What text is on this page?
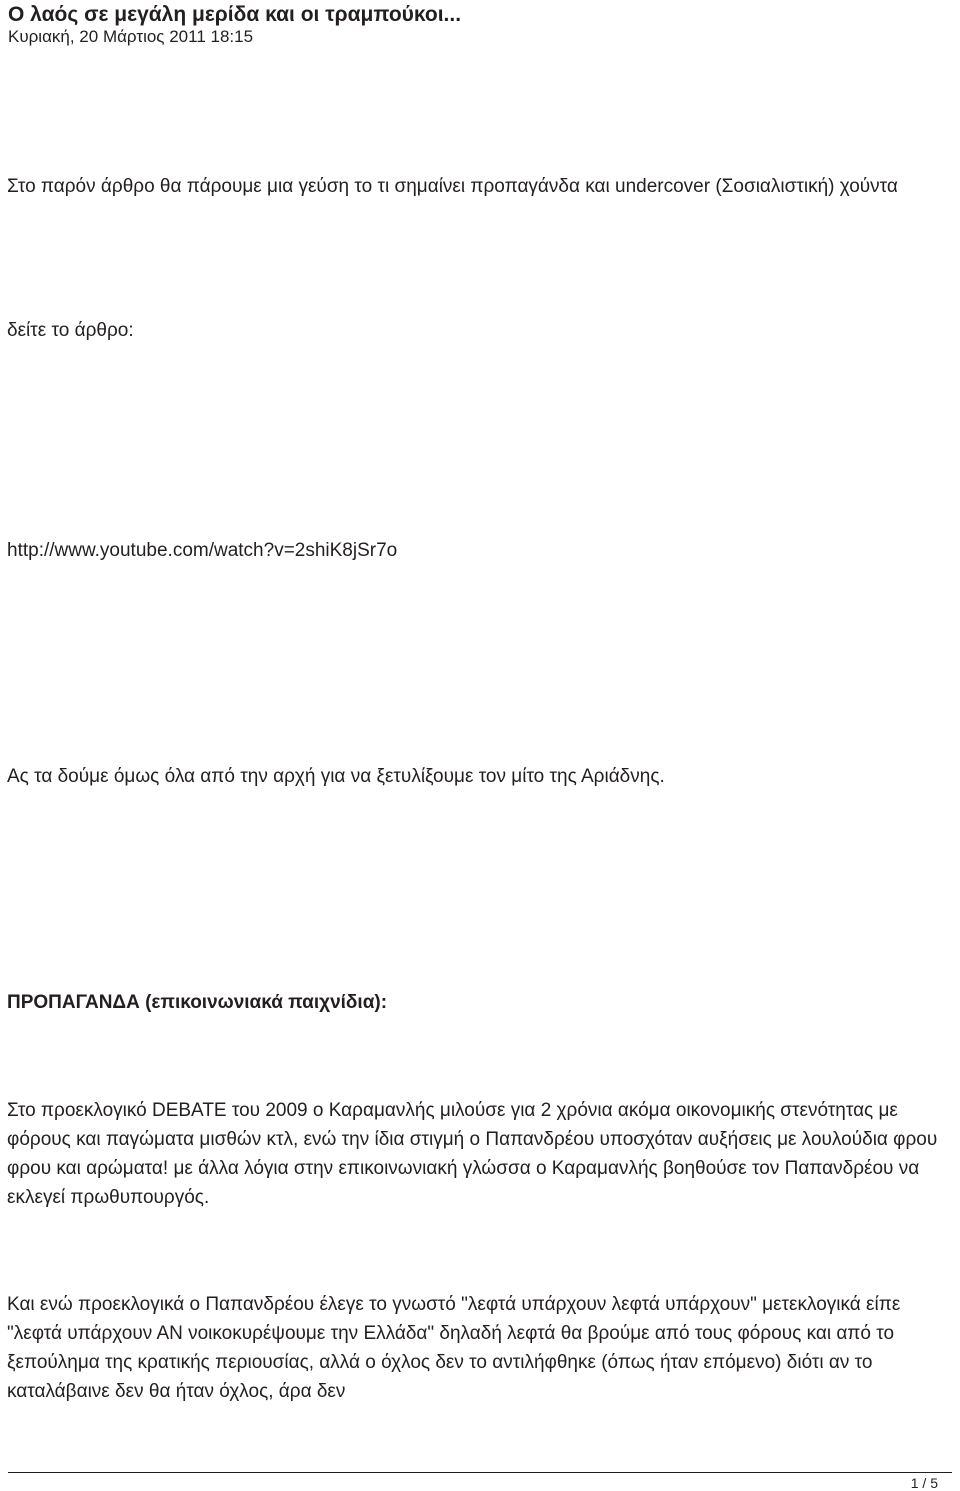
Ο λαός σε μεγάλη μερίδα και οι τραμπούκοι...
Κυριακή, 20 Μάρτιος 2011 18:15

Στο παρόν άρθρο θα πάρουμε μια γεύση το τι σημαίνει προπαγάνδα και undercover (Σοσιαλιστική) χούντα

δείτε το άρθρο:

http://www.youtube.com/watch?v=2shiK8jSr7o

Ας τα δούμε όμως όλα από την αρχή για να ξετυλίξουμε τον μίτο της Αριάδνης.

ΠΡΟΠΑΓΑΝΔΑ (επικοινωνιακά παιχνίδια):

Στο προεκλογικό DEBATE του 2009 ο Καραμανλής μιλούσε για 2 χρόνια ακόμα οικονομικής στενότητας με φόρους και παγώματα μισθών κτλ, ενώ την ίδια στιγμή ο Παπανδρέου υποσχόταν αυξήσεις με λουλούδια φρου φρου και αρώματα! με άλλα λόγια στην επικοινωνιακή γλώσσα ο Καραμανλής βοηθούσε τον Παπανδρέου να εκλεγεί πρωθυπουργός.

Και ενώ προεκλογικά ο Παπανδρέου έλεγε το γνωστό "λεφτά υπάρχουν λεφτά υπάρχουν" μετεκλογικά είπε "λεφτά υπάρχουν ΑΝ νοικοκυρέψουμε την Ελλάδα" δηλαδή λεφτά θα βρούμε από τους φόρους και από το ξεπούλημα της κρατικής περιουσίας, αλλά ο όχλος δεν το αντιλήφθηκε (όπως ήταν επόμενο) διότι αν το καταλάβαινε δεν θα ήταν όχλος, άρα δεν

1 / 5
